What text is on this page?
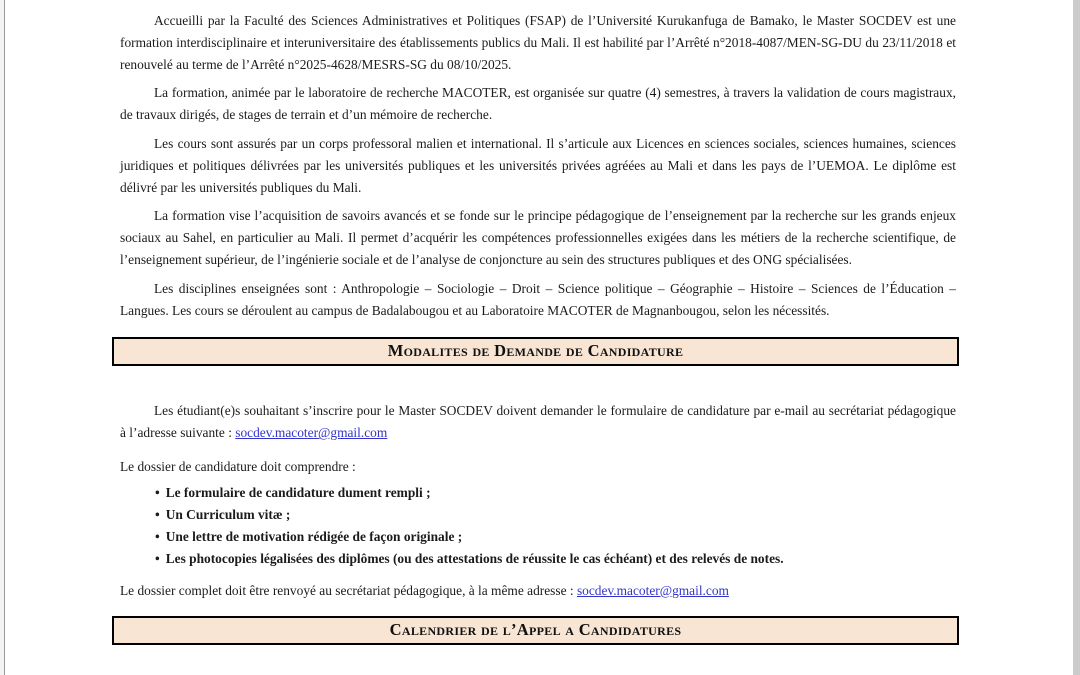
Accueilli par la Faculté des Sciences Administratives et Politiques (FSAP) de l’Université Kurukanfuga de Bamako, le Master SOCDEV est une formation interdisciplinaire et interuniversitaire des établissements publics du Mali. Il est habilité par l’Arrêté n°2018-4087/MEN-SG-DU du 23/11/2018 et renouvelé au terme de l’Arrêté n°2025-4628/MESRS-SG du 08/10/2025.

La formation, animée par le laboratoire de recherche MACOTER, est organisée sur quatre (4) semestres, à travers la validation de cours magistraux, de travaux dirigés, de stages de terrain et d’un mémoire de recherche.

Les cours sont assurés par un corps professoral malien et international. Il s’articule aux Licences en sciences sociales, sciences humaines, sciences juridiques et politiques délivrées par les universités publiques et les universités privées agréées au Mali et dans les pays de l’UEMOA. Le diplôme est délivré par les universités publiques du Mali.

La formation vise l’acquisition de savoirs avancés et se fonde sur le principe pédagogique de l’enseignement par la recherche sur les grands enjeux sociaux au Sahel, en particulier au Mali. Il permet d’acquérir les compétences professionnelles exigées dans les métiers de la recherche scientifique, de l’enseignement supérieur, de l’ingénierie sociale et de l’analyse de conjoncture au sein des structures publiques et des ONG spécialisées.

Les disciplines enseignées sont : Anthropologie – Sociologie – Droit – Science politique – Géographie – Histoire – Sciences de l’Éducation – Langues. Les cours se déroulent au campus de Badalabougou et au Laboratoire MACOTER de Magnanbougou, selon les nécessités.

Modalites de Demande de Candidature

Les étudiant(e)s souhaitant s’inscrire pour le Master SOCDEV doivent demander le formulaire de candidature par e-mail au secrétariat pédagogique à l’adresse suivante : socdev.macoter@gmail.com

Le dossier de candidature doit comprendre :

• Le formulaire de candidature dument rempli ;
• Un Curriculum vitæ ;
• Une lettre de motivation rédigée de façon originale ;
• Les photocopies légalisées des diplômes (ou des attestations de réussite le cas échéant) et des relevés de notes.

Le dossier complet doit être renvoyé au secrétariat pédagogique, à la même adresse : socdev.macoter@gmail.com

Calendrier de l’Appel a Candidatures
